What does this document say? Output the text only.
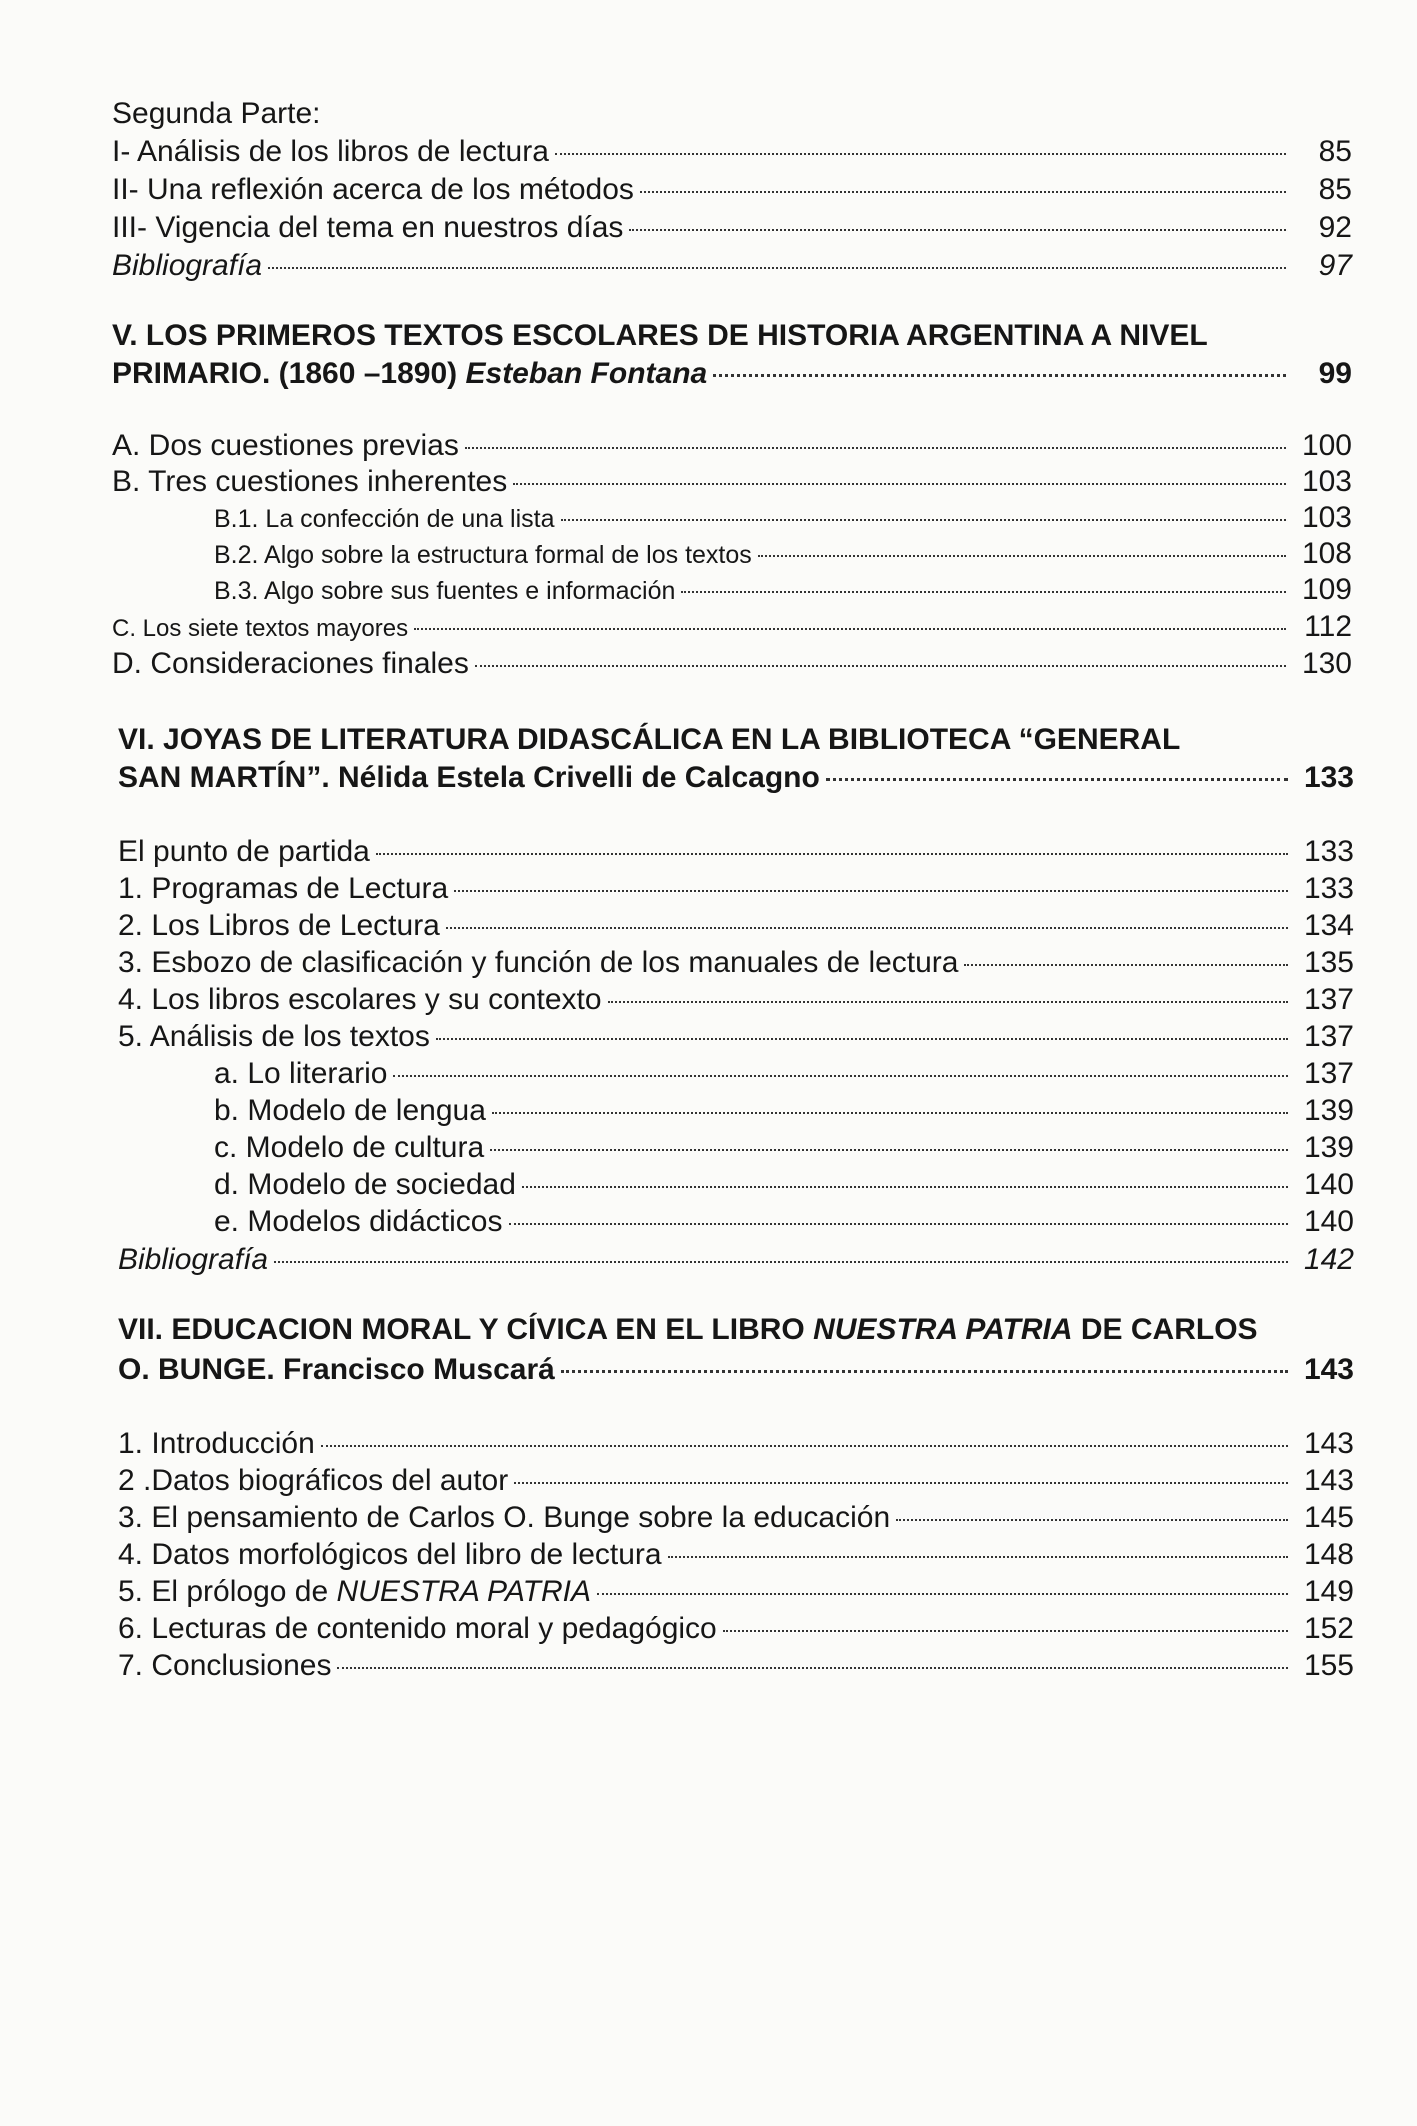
Segunda Parte:
I- Análisis de los libros de lectura	85
II- Una reflexión acerca de los métodos	85
III- Vigencia del tema en nuestros días	92
Bibliografía	97
V. LOS PRIMEROS TEXTOS ESCOLARES DE HISTORIA ARGENTINA A NIVEL
PRIMARIO. (1860 –1890) Esteban Fontana	99
A. Dos cuestiones previas	100
B. Tres cuestiones inherentes	103
B.1. La confección de una lista	103
B.2. Algo sobre la estructura formal de los textos	108
B.3. Algo sobre sus fuentes e información	109
C. Los siete textos mayores	112
D. Consideraciones finales	130
VI. JOYAS DE LITERATURA DIDASCÁLICA EN LA BIBLIOTECA “GENERAL
SAN MARTÍN”. Nélida Estela Crivelli de Calcagno	133
El punto de partida	133
1. Programas de Lectura	133
2. Los Libros de Lectura	134
3. Esbozo de clasificación y función de los manuales de lectura	135
4. Los libros escolares y su contexto	137
5. Análisis de los textos	137
a. Lo literario	137
b. Modelo de lengua	139
c. Modelo de cultura	139
d. Modelo de sociedad	140
e. Modelos didácticos	140
Bibliografía	142
VII. EDUCACION MORAL Y CÍVICA EN EL LIBRO NUESTRA PATRIA DE CARLOS
O. BUNGE. Francisco Muscará	143
1. Introducción	143
2 .Datos biográficos del autor	143
3. El pensamiento de Carlos O. Bunge sobre la educación	145
4. Datos morfológicos del libro de lectura	148
5. El prólogo de NUESTRA PATRIA	149
6. Lecturas de contenido moral y pedagógico	152
7. Conclusiones	155
